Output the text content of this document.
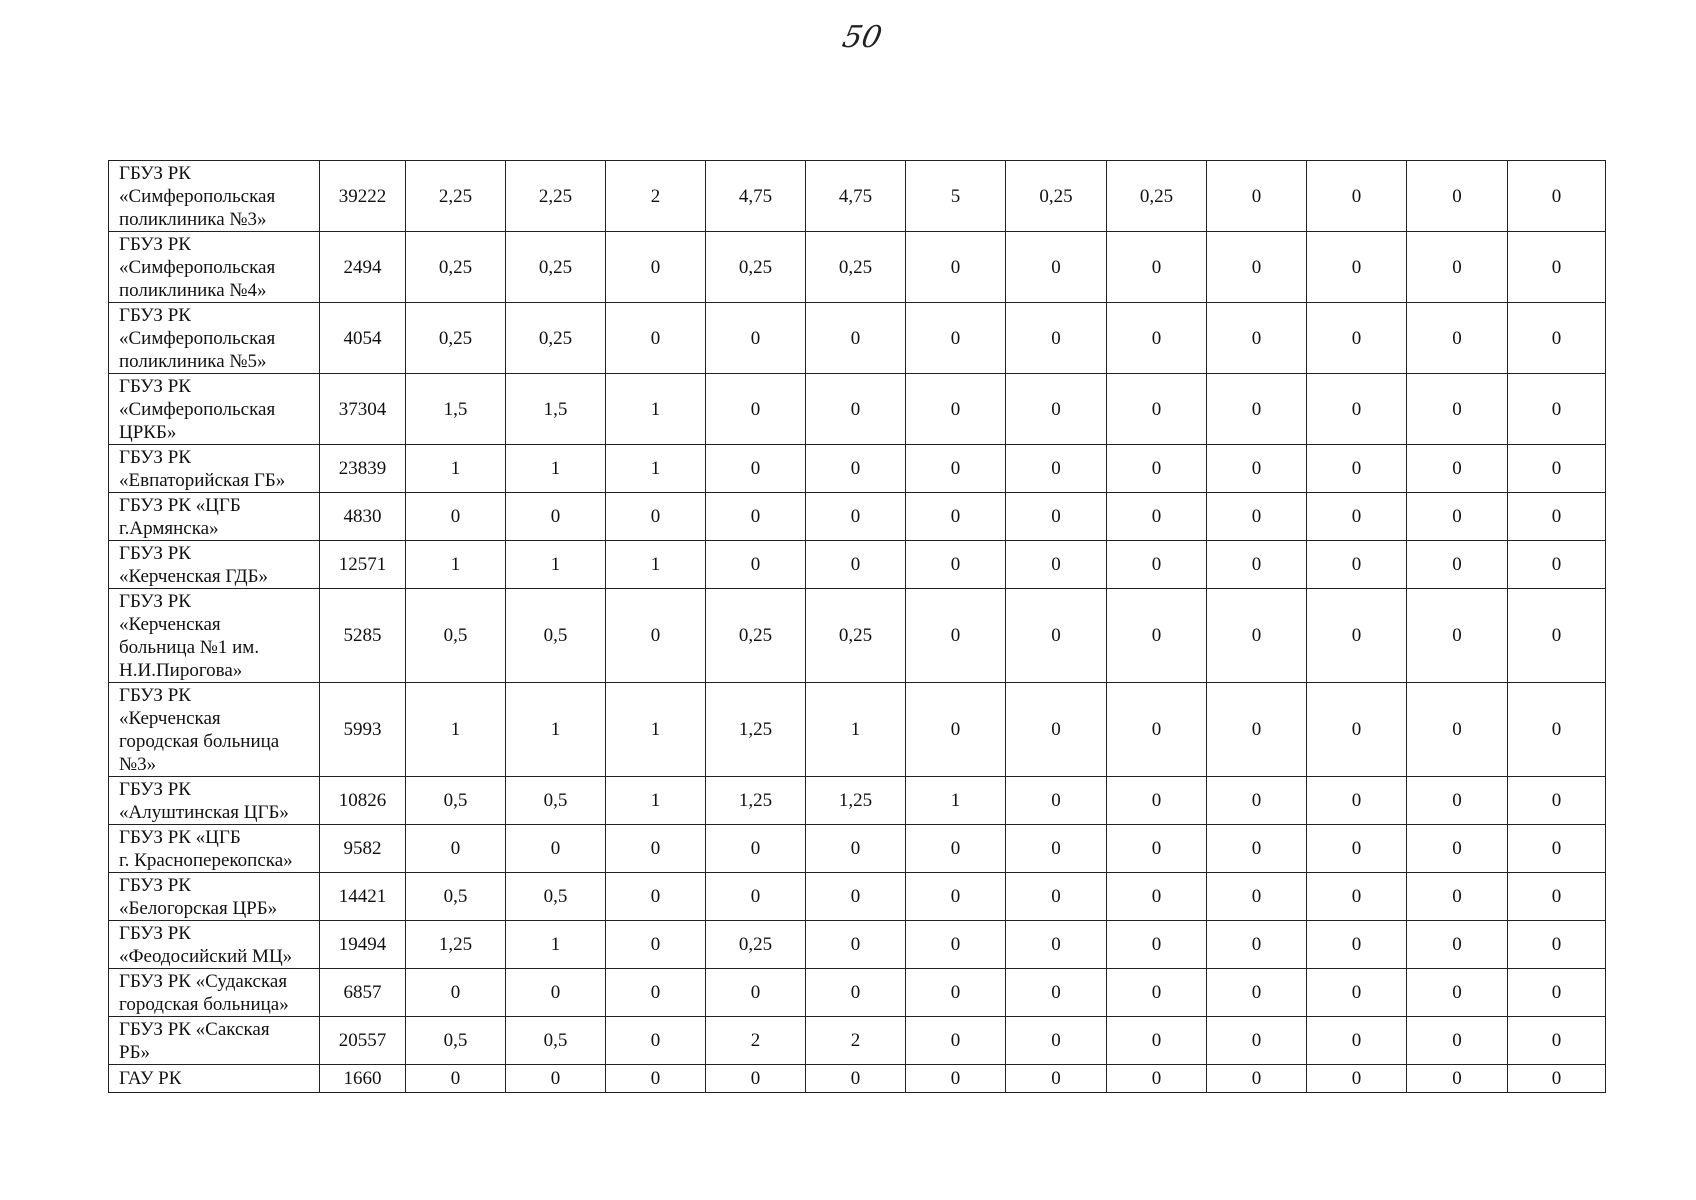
50
ГБУЗ РК
«Симферопольская
поликлиника №3»	39222	2,25	2,25	2	4,75	4,75	5	0,25	0,25	0	0	0	0
ГБУЗ РК
«Симферопольская
поликлиника №4»	2494	0,25	0,25	0	0,25	0,25	0	0	0	0	0	0	0
ГБУЗ РК
«Симферопольская
поликлиника №5»	4054	0,25	0,25	0	0	0	0	0	0	0	0	0	0
ГБУЗ РК
«Симферопольская
ЦРКБ»	37304	1,5	1,5	1	0	0	0	0	0	0	0	0	0
ГБУЗ РК
«Евпаторийская ГБ»	23839	1	1	1	0	0	0	0	0	0	0	0	0
ГБУЗ РК «ЦГБ
г.Армянска»	4830	0	0	0	0	0	0	0	0	0	0	0	0
ГБУЗ РК
«Керченская ГДБ»	12571	1	1	1	0	0	0	0	0	0	0	0	0
ГБУЗ РК
«Керченская
больница №1 им.
Н.И.Пирогова»	5285	0,5	0,5	0	0,25	0,25	0	0	0	0	0	0	0
ГБУЗ РК
«Керченская
городская больница
№3»	5993	1	1	1	1,25	1	0	0	0	0	0	0	0
ГБУЗ РК
«Алуштинская ЦГБ»	10826	0,5	0,5	1	1,25	1,25	1	0	0	0	0	0	0
ГБУЗ РК «ЦГБ
г. Красноперекопска»	9582	0	0	0	0	0	0	0	0	0	0	0	0
ГБУЗ РК
«Белогорская ЦРБ»	14421	0,5	0,5	0	0	0	0	0	0	0	0	0	0
ГБУЗ РК
«Феодосийский МЦ»	19494	1,25	1	0	0,25	0	0	0	0	0	0	0	0
ГБУЗ РК «Судакская
городская больница»	6857	0	0	0	0	0	0	0	0	0	0	0	0
ГБУЗ РК «Сакская
РБ»	20557	0,5	0,5	0	2	2	0	0	0	0	0	0	0
ГАУ РК	1660	0	0	0	0	0	0	0	0	0	0	0	0
